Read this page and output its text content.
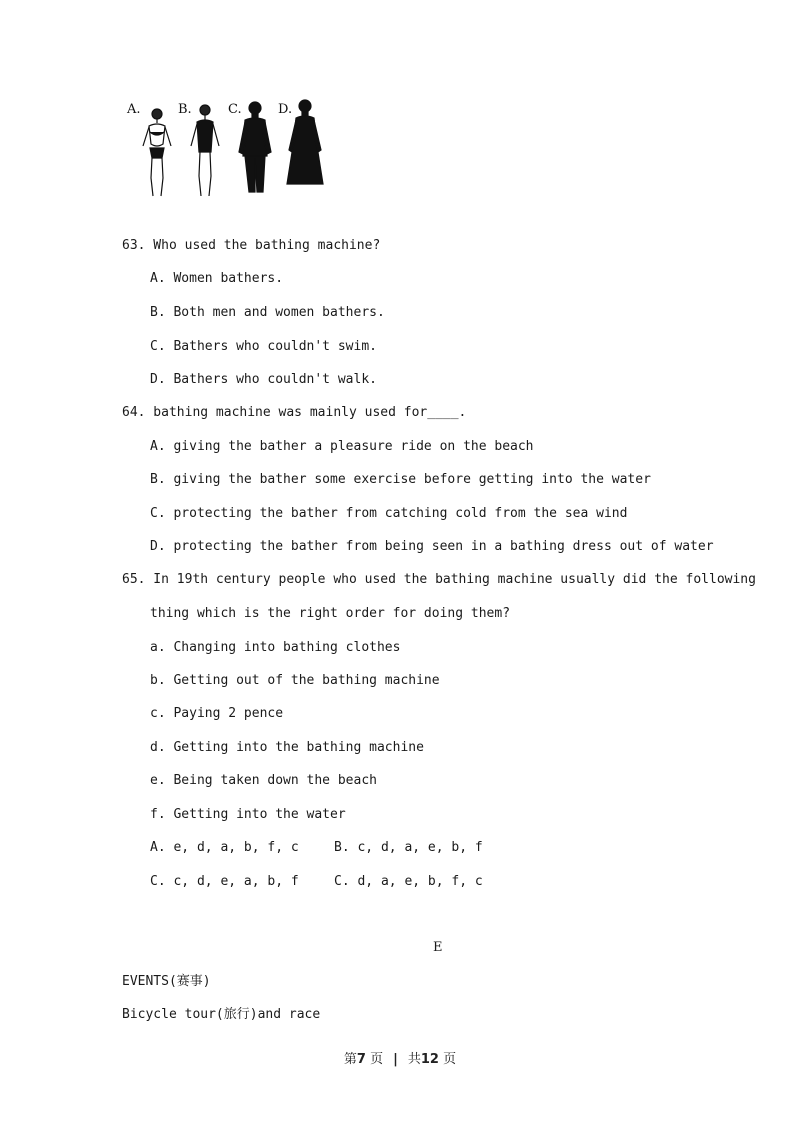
A.	B.	C.	D.
63. Who used the bathing machine?
A. Women bathers.
B. Both men and women bathers.
C. Bathers who couldn't swim.
D. Bathers who couldn't walk.
64. bathing machine was mainly used for____.
A. giving the bather a pleasure ride on the beach
B. giving the bather some exercise before getting into the water
C. protecting the bather from catching cold from the sea wind
D. protecting the bather from being seen in a bathing dress out of water
65. In 19th century people who used the bathing machine usually did the following
thing which is the right order for doing them?
a. Changing into bathing clothes
b. Getting out of the bathing machine
c. Paying 2 pence
d. Getting into the bathing machine
e. Being taken down the beach
f. Getting into the water
A. e, d, a, b, f, c	B. c, d, a, e, b, f
C. c, d, e, a, b, f	C. d, a, e, b, f, c
E
EVENTS(赛事)
Bicycle tour(旅行)and race
第7 页 | 共12 页
